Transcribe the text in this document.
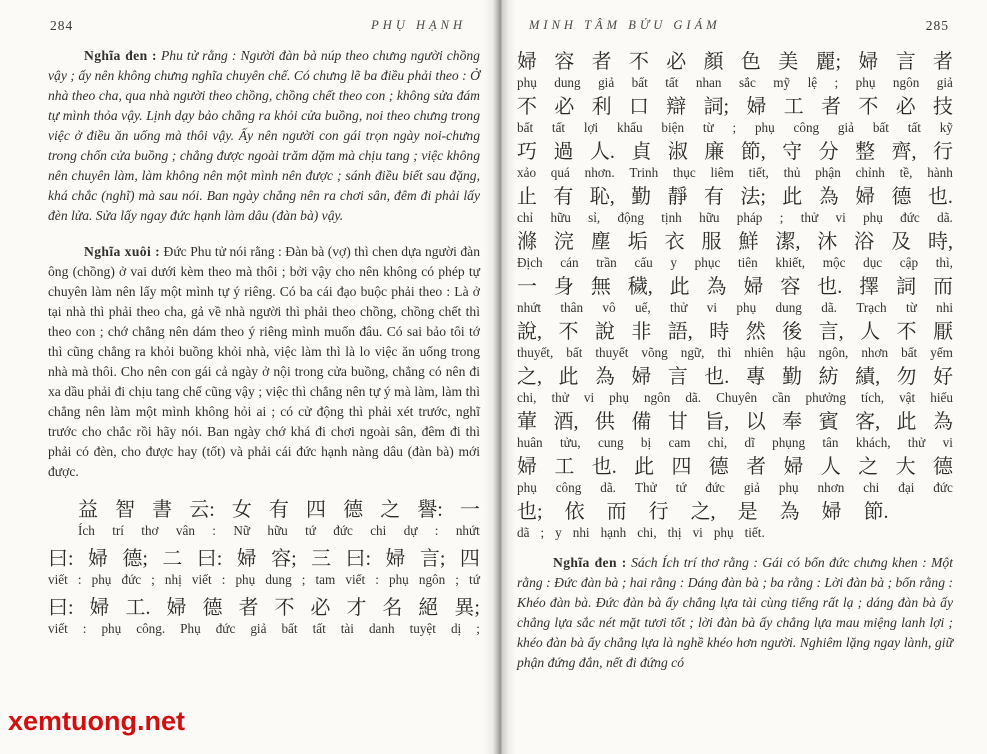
284	PHỤ HẠNH

Nghĩa đen : Phu tử rằng : Người đàn bà núp theo chưng người chồng vậy ; ấy nên không chưng nghĩa chuyên chế. Có chưng lẽ ba điều phải theo : Ở nhà theo cha, qua nhà người theo chồng, chồng chết theo con ; không sửa đám tự mình thỏa vậy. Lịnh dạy bảo chẳng ra khỏi cửa buồng, noi theo chưng trong việc ở điều ăn uống mà thôi vậy. Ấy nên người con gái trọn ngày noi-chưng trong chốn cửa buồng ; chẳng được ngoài trăm dặm mà chịu tang ; việc không nên chuyên làm, làm không nên một mình nên được ; sánh điều biết sau đặng, khá chắc (nghĩ) mà sau nói. Ban ngày chẳng nên ra chơi sân, đêm đi phải lấy đèn lửa. Sửa lấy ngay đức hạnh làm dâu (đàn bà) vậy.

Nghĩa xuôi : Đức Phu tử nói rằng : Đàn bà (vợ) thì chen dựa người đàn ông (chồng) ở vai dưới kèm theo mà thôi ; bởi vậy cho nên không có phép tự chuyên làm nên lấy một mình tự ý riêng. Có ba cái đạo buộc phải theo : Là ở tại nhà thì phải theo cha, gả về nhà người thì phải theo chồng, chồng chết thì theo con ; chớ chẳng nên dám theo ý riêng mình muốn đâu. Có sai bảo tôi tớ thì cũng chẳng ra khỏi buồng khỏi nhà, việc làm thì là lo việc ăn uống trong nhà mà thôi. Cho nên con gái cả ngày ở nội trong cửa buồng, chẳng có nên đi xa dầu phải đi chịu tang chế cũng vậy ; việc thì chẳng nên tự ý mà làm, làm thì chẳng nên làm một mình không hỏi ai ; có cử động thì phải xét trước, nghĩ trước cho chắc rồi hãy nói. Ban ngày chớ khá đi chơi ngoài sân, đêm đi thì phải có đèn, cho được hay (tốt) và phải cái đức hạnh nàng dâu (đàn bà) mới được.

益 智 書 云: 女 有 四 德 之 譽: 一
Ích trí thơ vân : Nữ hữu tứ đức chi dự : nhứt
曰: 婦 德; 二 曰: 婦 容; 三 曰: 婦 言; 四
viết : phụ đức ; nhị viết : phụ dung ; tam viết : phụ ngôn ; tứ
曰: 婦 工. 婦 德 者 不 必 才 名 絕 異;
viết : phụ công. Phụ đức giả bất tất tài danh tuyệt dị ;
MINH TÂM BỬU GIÁM	285
婦 容 者 不 必 顏 色 美 麗; 婦 言 者
phụ dung giả bất tất nhan sắc mỹ lệ ; phụ ngôn giả
不 必 利 口 辯 詞; 婦 工 者 不 必 技
bất tất lợi khẩu biện từ ; phụ công giả bất tất kỹ
巧 過 人. 貞 淑 廉 節, 守 分 整 齊, 行
xảo quá nhơn. Trinh thục liêm tiết, thủ phận chỉnh tề, hành
止 有 恥, 勤 靜 有 法; 此 為 婦 德 也.
chỉ hữu sỉ, động tịnh hữu pháp ; thử vi phụ đức dã.
滌 浣 塵 垢 衣 服 鮮 潔, 沐 浴 及 時,
Địch cán trần cấu y phục tiên khiết, mộc dục cập thì,
一 身 無 穢, 此 為 婦 容 也. 擇 詞 而
nhứt thân vô uế, thử vi phụ dung dã. Trạch từ nhi
說, 不 說 非 語, 時 然 後 言, 人 不 厭
thuyết, bất thuyết võng ngữ, thì nhiên hậu ngôn, nhơn bất yếm
之, 此 為 婦 言 也. 專 勤 紡 績, 勿 好
chi, thử vi phụ ngôn dã. Chuyên cần phưởng tích, vật hiếu
葷 酒, 供 備 甘 旨, 以 奉 賓 客, 此 為
huân tửu, cung bị cam chỉ, dĩ phụng tân khách, thử vi
婦 工 也. 此 四 德 者 婦 人 之 大 德
phụ công dã. Thử tứ đức giả phụ nhơn chi đại đức
也; 依 而 行 之, 是 為 婦 節.
dã ; y nhi hạnh chi, thị vi phụ tiết.

Nghĩa đen : Sách Ích trí thơ rằng : Gái có bốn đức chưng khen : Một rằng : Đức đàn bà ; hai rằng : Dáng đàn bà ; ba rằng : Lời đàn bà ; bốn rằng : Khéo đàn bà. Đức đàn bà ấy chẳng lựa tài cùng tiếng rất lạ ; dáng đàn bà ấy chẳng lựa sắc nét mặt tươi tốt ; lời đàn bà ấy chẳng lựa mau miệng lanh lợi ; khéo đàn bà ấy chẳng lựa là nghề khéo hơn người. Nghiêm lặng ngay lành, giữ phận đứng đắn, nết đi đứng có

xemtuong.net
